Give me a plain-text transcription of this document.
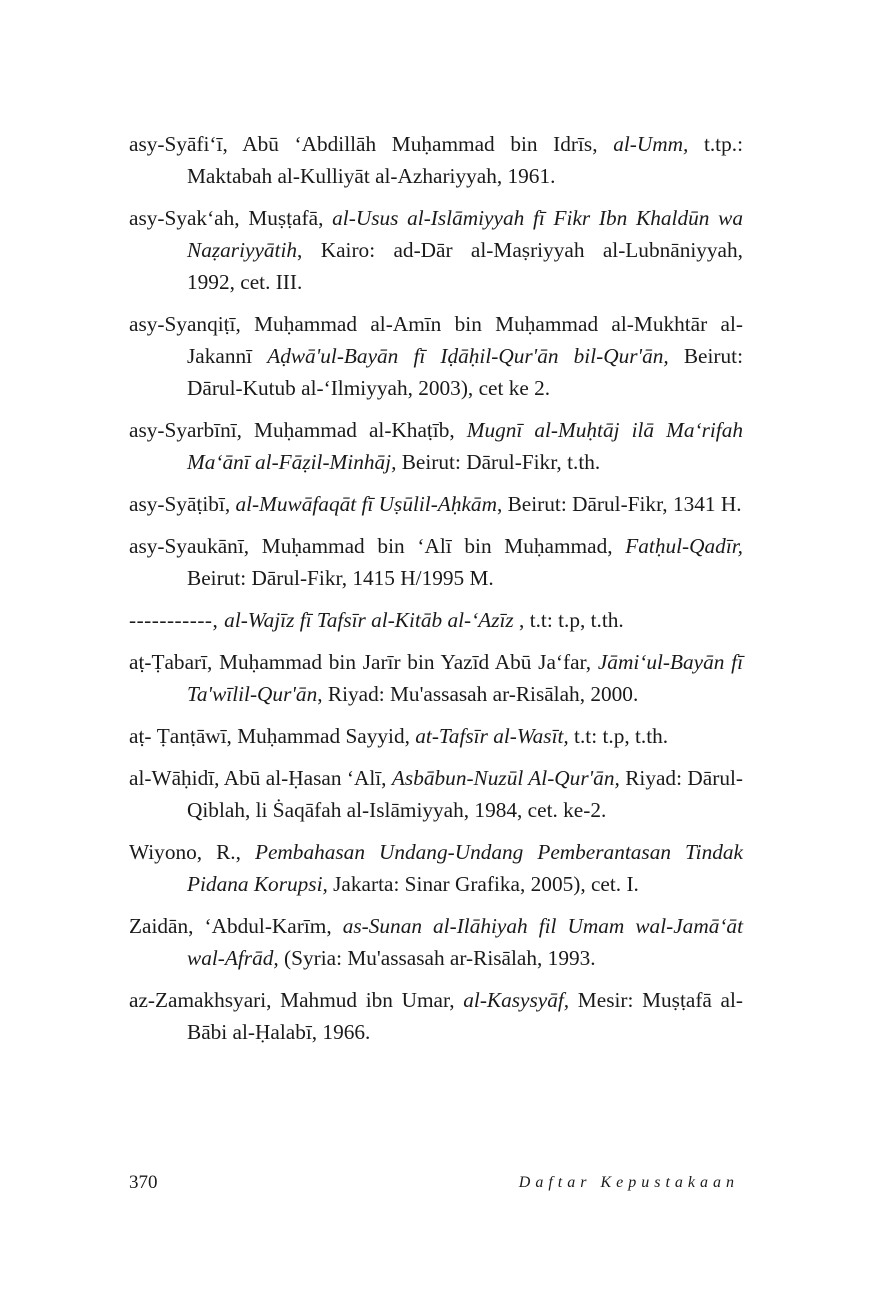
asy-Syāfi‘ī, Abū ‘Abdillāh Muḥammad bin Idrīs, al-Umm, t.tp.: Maktabah al-Kulliyāt al-Azhariyyah, 1961.

asy-Syak‘ah, Muṣṭafā, al-Usus al-Islāmiyyah fī Fikr Ibn Khaldūn wa Naẓariyyātih, Kairo: ad-Dār al-Maṣriyyah al-Lubnāniyyah, 1992, cet. III.

asy-Syanqiṭī, Muḥammad al-Amīn bin Muḥammad al-Mukhtār al-Jakannī Aḍwā'ul-Bayān fī Iḍāḥil-Qur'ān bil-Qur'ān, Beirut: Dārul-Kutub al-‘Ilmiyyah, 2003), cet ke 2.

asy-Syarbīnī, Muḥammad al-Khaṭīb, Mugnī al-Muḥtāj ilā Ma‘rifah Ma‘ānī al-Fāẓil-Minhāj, Beirut: Dārul-Fikr, t.th.

asy-Syāṭibī, al-Muwāfaqāt fī Uṣūlil-Aḥkām, Beirut: Dārul-Fikr, 1341 H.

asy-Syaukānī, Muḥammad bin ‘Alī bin Muḥammad, Fatḥul-Qadīr, Beirut: Dārul-Fikr, 1415 H/1995 M.

-----------, al-Wajīz fī Tafsīr al-Kitāb al-‘Azīz , t.t: t.p, t.th.

aṭ-Ṭabarī, Muḥammad bin Jarīr bin Yazīd Abū Ja‘far, Jāmi‘ul-Bayān fī Ta'wīlil-Qur'ān, Riyad: Mu'assasah ar-Risālah, 2000.

aṭ- Ṭanṭāwī, Muḥammad Sayyid, at-Tafsīr al-Wasīt, t.t: t.p, t.th.

al-Wāḥidī, Abū al-Ḥasan ‘Alī, Asbābun-Nuzūl Al-Qur'ān, Riyad: Dārul-Qiblah, li Ṡaqāfah al-Islāmiyyah, 1984, cet. ke-2.

Wiyono, R., Pembahasan Undang-Undang Pemberantasan Tindak Pidana Korupsi, Jakarta: Sinar Grafika, 2005), cet. I.

Zaidān, ‘Abdul-Karīm, as-Sunan al-Ilāhiyah fil Umam wal-Jamā‘āt wal-Afrād, (Syria: Mu'assasah ar-Risālah, 1993.

az-Zamakhsyari, Mahmud ibn Umar, al-Kasysyāf, Mesir: Muṣṭafā al-Bābi al-Ḥalabī, 1966.

370	Daftar Kepustakaan
